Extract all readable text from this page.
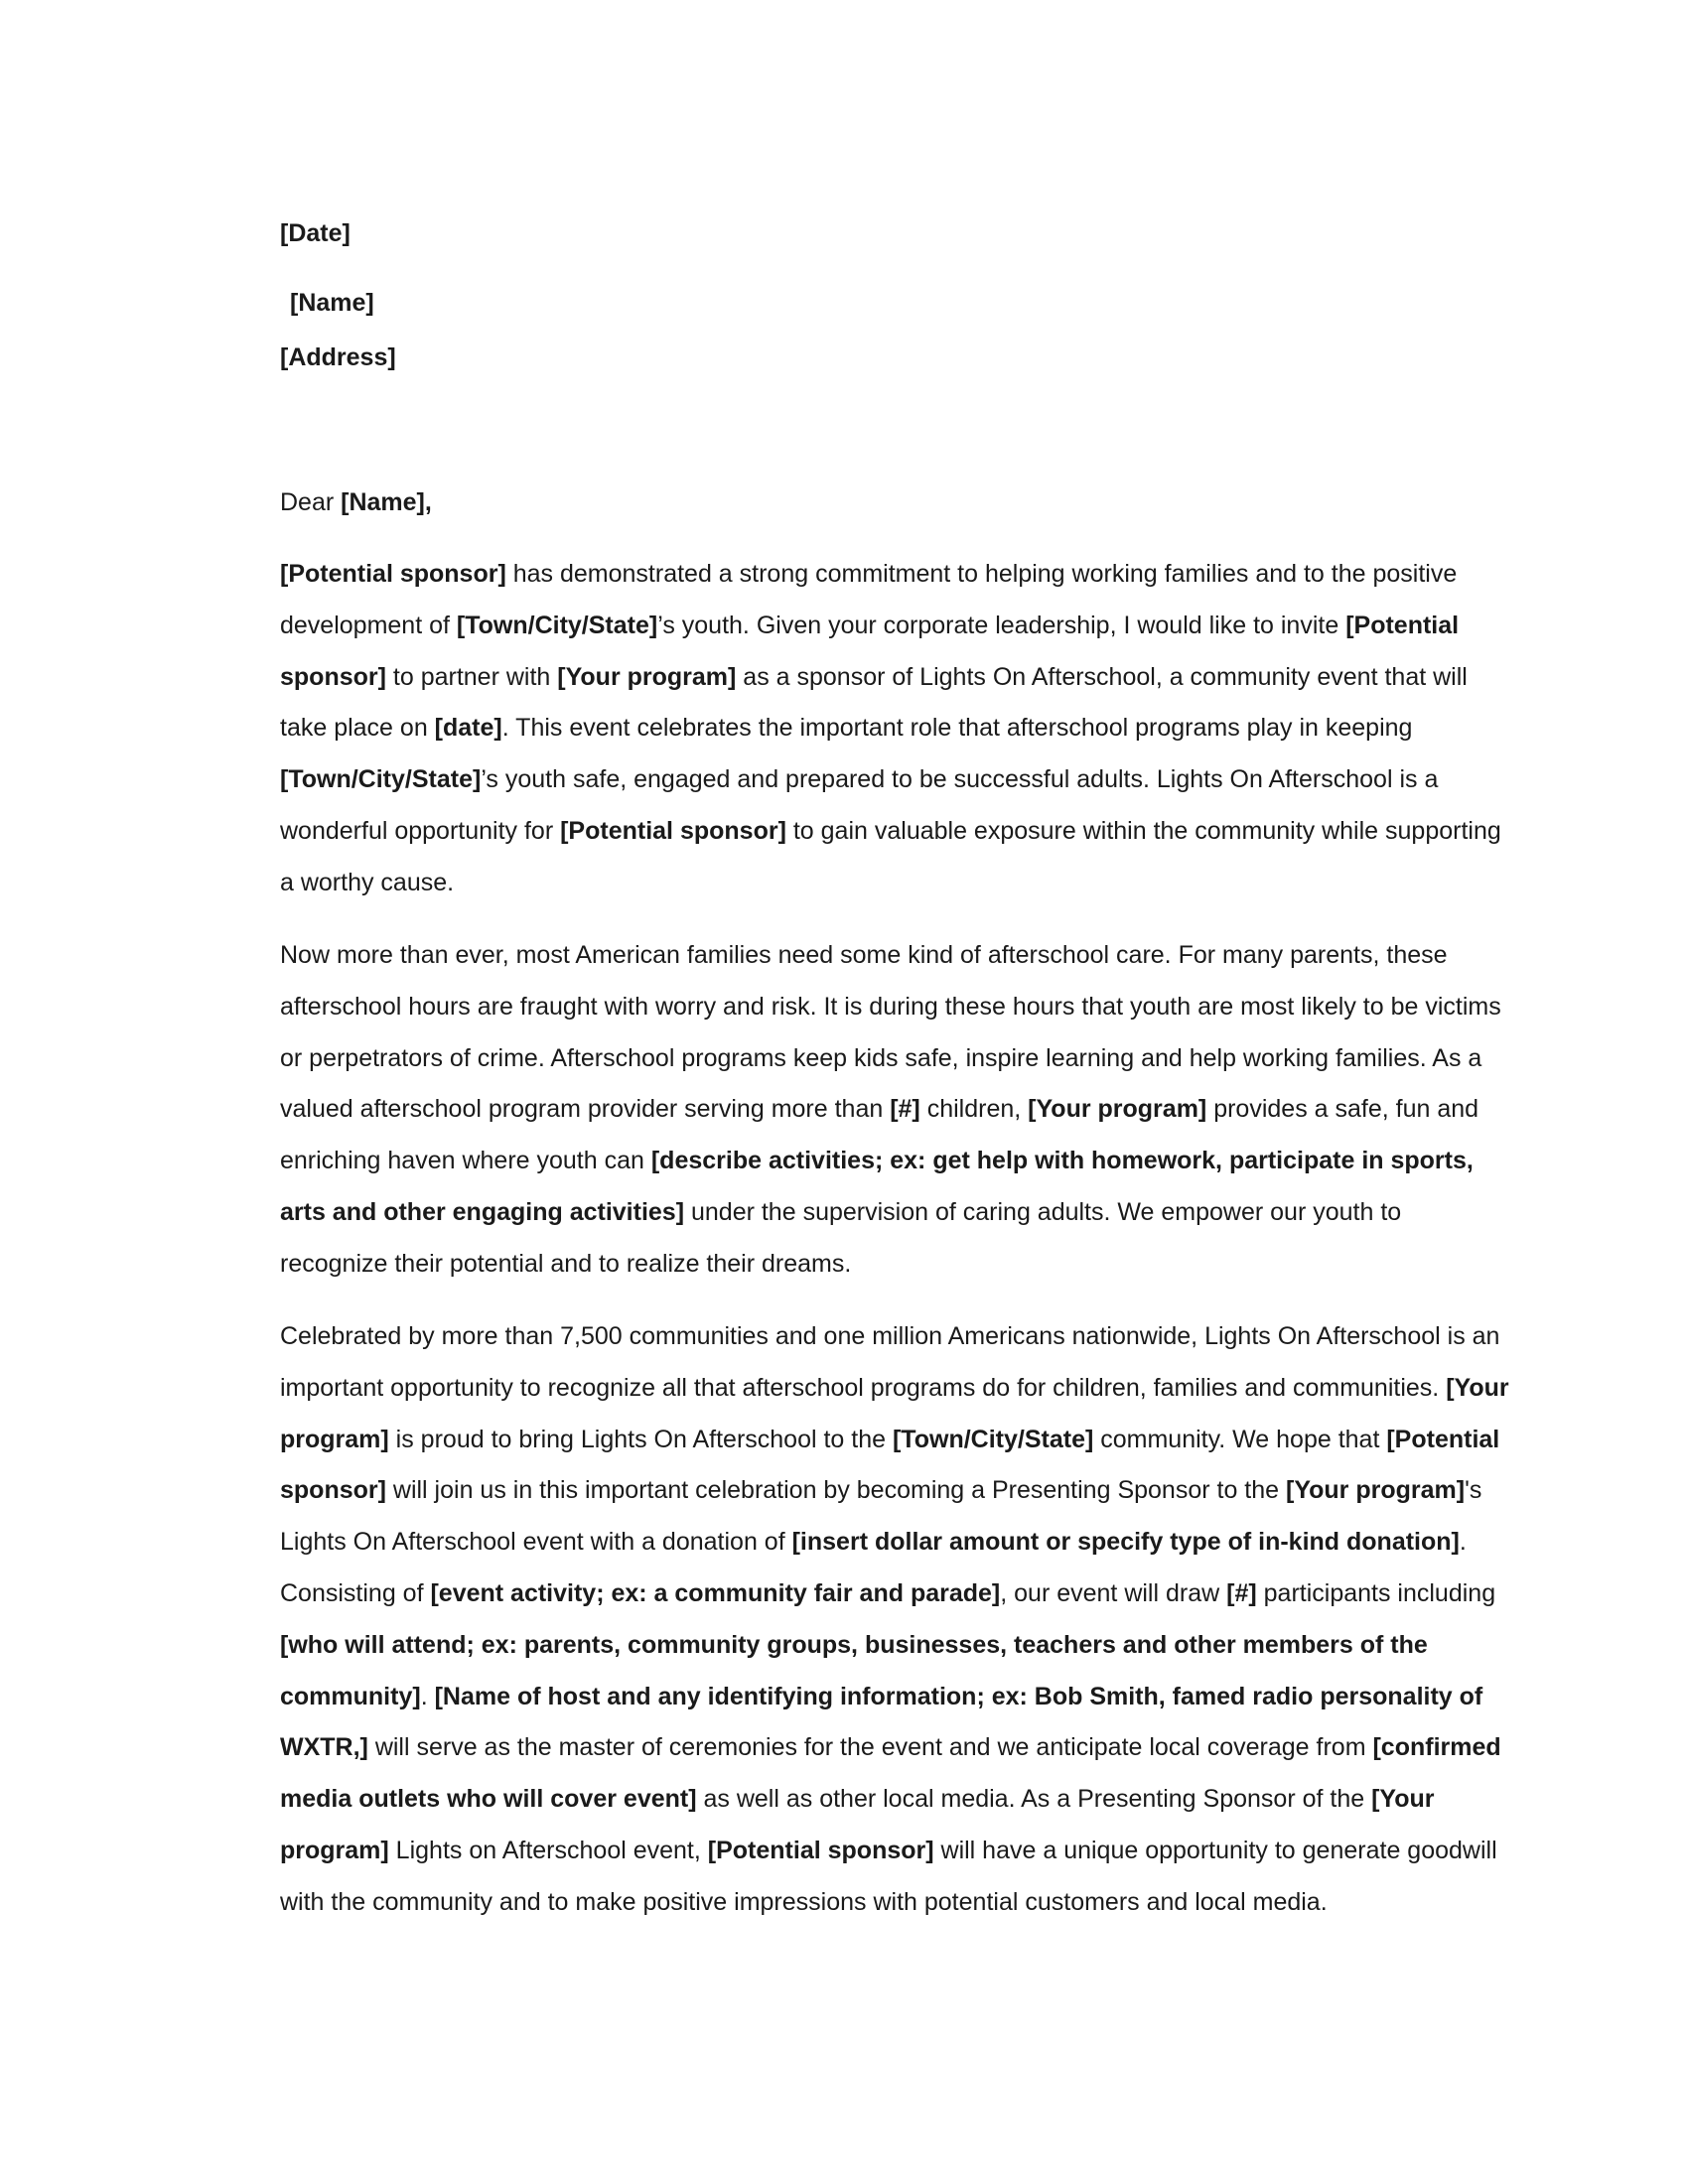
[Date]

[Name]

[Address]

Dear [Name],

[Potential sponsor] has demonstrated a strong commitment to helping working families and to the positive development of [Town/City/State]’s youth. Given your corporate leadership, I would like to invite [Potential sponsor] to partner with [Your program] as a sponsor of Lights On Afterschool, a community event that will take place on [date]. This event celebrates the important role that afterschool programs play in keeping [Town/City/State]’s youth safe, engaged and prepared to be successful adults. Lights On Afterschool is a wonderful opportunity for [Potential sponsor] to gain valuable exposure within the community while supporting a worthy cause.

Now more than ever, most American families need some kind of afterschool care. For many parents, these afterschool hours are fraught with worry and risk. It is during these hours that youth are most likely to be victims or perpetrators of crime. Afterschool programs keep kids safe, inspire learning and help working families. As a valued afterschool program provider serving more than [#] children, [Your program] provides a safe, fun and enriching haven where youth can [describe activities; ex: get help with homework, participate in sports, arts and other engaging activities] under the supervision of caring adults. We empower our youth to recognize their potential and to realize their dreams.

Celebrated by more than 7,500 communities and one million Americans nationwide, Lights On Afterschool is an important opportunity to recognize all that afterschool programs do for children, families and communities. [Your program] is proud to bring Lights On Afterschool to the [Town/City/State] community. We hope that [Potential sponsor] will join us in this important celebration by becoming a Presenting Sponsor to the [Your program]'s Lights On Afterschool event with a donation of [insert dollar amount or specify type of in-kind donation]. Consisting of [event activity; ex: a community fair and parade], our event will draw [#] participants including [who will attend; ex: parents, community groups, businesses, teachers and other members of the community]. [Name of host and any identifying information; ex: Bob Smith, famed radio personality of WXTR,] will serve as the master of ceremonies for the event and we anticipate local coverage from [confirmed media outlets who will cover event] as well as other local media. As a Presenting Sponsor of the [Your program] Lights on Afterschool event, [Potential sponsor] will have a unique opportunity to generate goodwill with the community and to make positive impressions with potential customers and local media.
